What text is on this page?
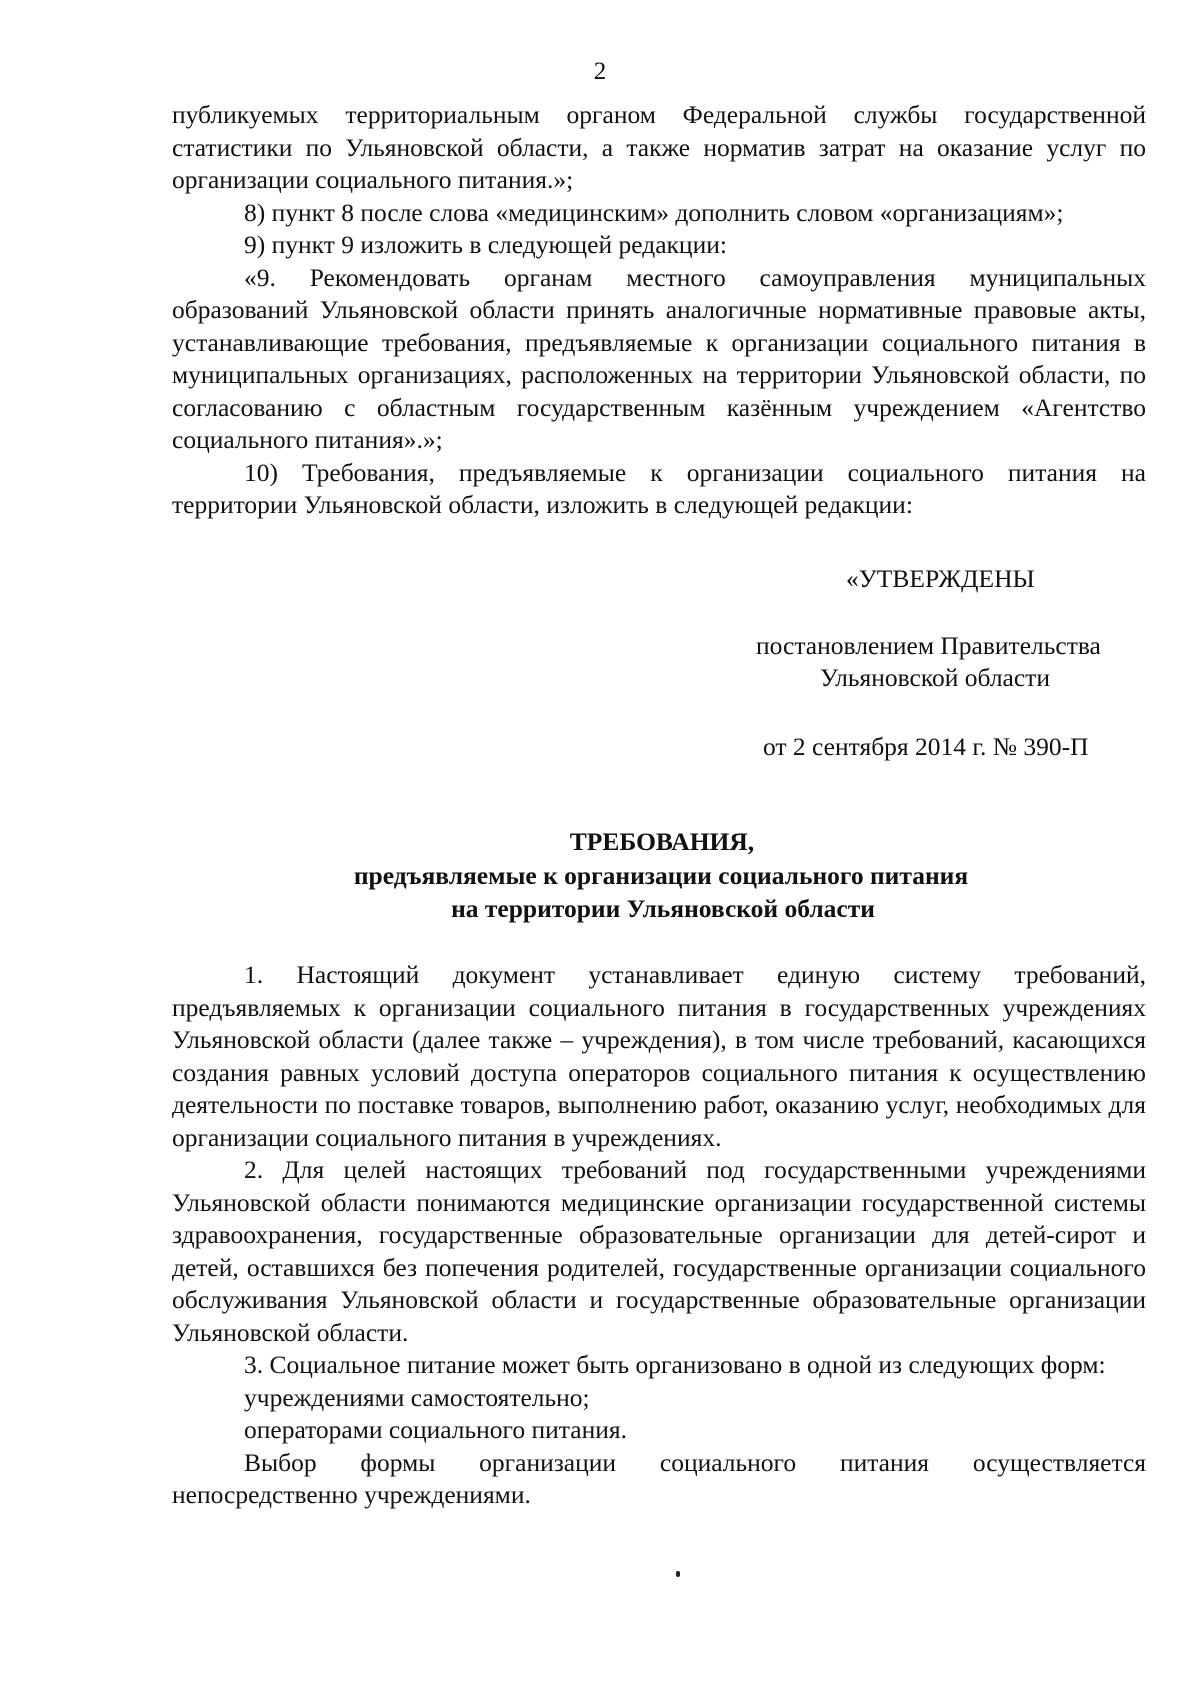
2

публикуемых территориальным органом Федеральной службы государственной статистики по Ульяновской области, а также норматив затрат на оказание услуг по организации социального питания.»;

8) пункт 8 после слова «медицинским» дополнить словом «организациям»;

9) пункт 9 изложить в следующей редакции:

«9. Рекомендовать органам местного самоуправления муниципальных образований Ульяновской области принять аналогичные нормативные правовые акты, устанавливающие требования, предъявляемые к организации социального питания в муниципальных организациях, расположенных на территории Ульяновской области, по согласованию с областным государственным казённым учреждением «Агентство социального питания».»;

10) Требования, предъявляемые к организации социального питания на территории Ульяновской области, изложить в следующей редакции:

«УТВЕРЖДЕНЫ
постановлением Правительства
Ульяновской области
от 2 сентября 2014 г. № 390-П
ТРЕБОВАНИЯ,
предъявляемые к организации социального питания
на территории Ульяновской области

1. Настоящий документ устанавливает единую систему требований, предъявляемых к организации социального питания в государственных учреждениях Ульяновской области (далее также – учреждения), в том числе требований, касающихся создания равных условий доступа операторов социального питания к осуществлению деятельности по поставке товаров, выполнению работ, оказанию услуг, необходимых для организации социального питания в учреждениях.

2. Для целей настоящих требований под государственными учреждениями Ульяновской области понимаются медицинские организации государственной системы здравоохранения, государственные образовательные организации для детей-сирот и детей, оставшихся без попечения родителей, государственные организации социального обслуживания Ульяновской области и государственные образовательные организации Ульяновской области.

3. Социальное питание может быть организовано в одной из следующих форм:

учреждениями самостоятельно;

операторами социального питания.

Выбор формы организации социального питания осуществляется непосредственно учреждениями.
